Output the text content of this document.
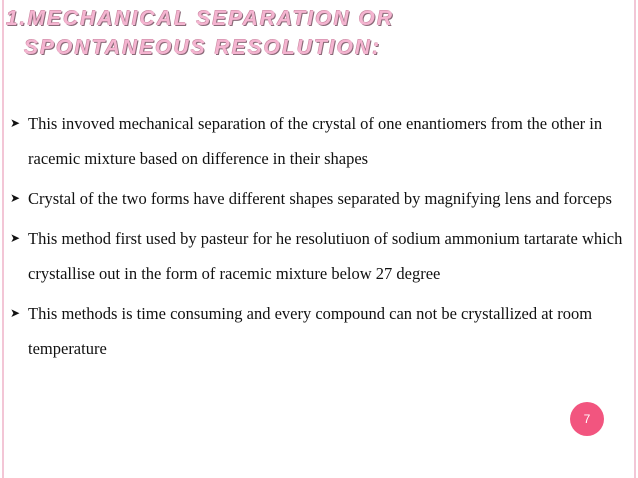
1.MECHANICAL SEPARATION OR
SPONTANEOUS RESOLUTION:
➤ This invoved mechanical separation of the crystal of one enantiomers from the other in racemic mixture based on difference in their shapes
➤ Crystal of the two forms have different shapes separated by magnifying lens and forceps
➤ This method first used by pasteur for he resolutiuon of sodium ammonium tartarate which crystallise out in the form of racemic mixture below 27 degree
➤ This methods is time consuming and every compound can not be crystallized at room temperature
7
